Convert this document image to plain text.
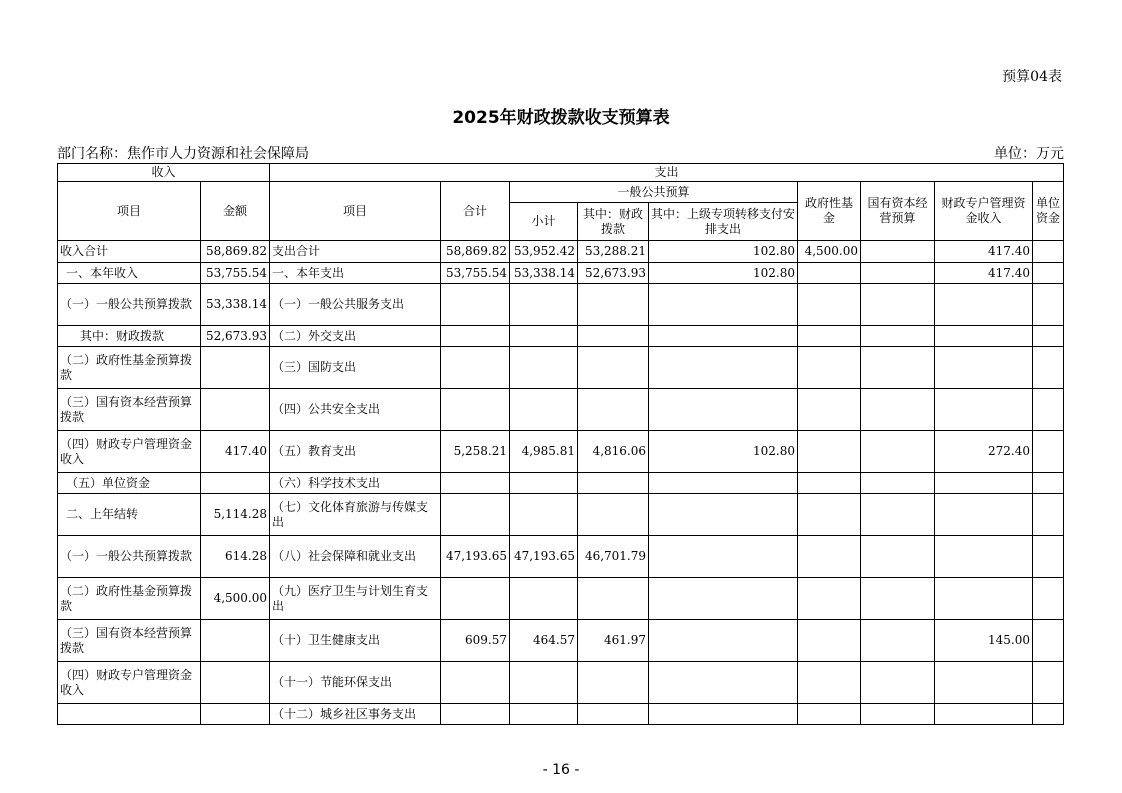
预算04表
2025年财政拨款收支预算表
部门名称：焦作市人力资源和社会保障局	单位：万元
收入		支出								
项目	金额	项目	合计	一般公共预算			政府性基金	国有资本经营预算	财政专户管理资金收入	单位资金
				小计	其中：财政拨款	其中：上级专项转移支付安排支出				
收入合计	58,869.82	支出合计	58,869.82	53,952.42	53,288.21	102.80	4,500.00		417.40	
一、本年收入	53,755.54	一、本年支出	53,755.54	53,338.14	52,673.93	102.80			417.40	
（一）一般公共预算拨款	53,338.14	（一）一般公共服务支出								
其中：财政拨款	52,673.93	（二）外交支出								
（二）政府性基金预算拨款		（三）国防支出								
（三）国有资本经营预算拨款		（四）公共安全支出								
（四）财政专户管理资金收入	417.40	（五）教育支出	5,258.21	4,985.81	4,816.06	102.80			272.40	
（五）单位资金		（六）科学技术支出								
二、上年结转	5,114.28	（七）文化体育旅游与传媒支出								
（一）一般公共预算拨款	614.28	（八）社会保障和就业支出	47,193.65	47,193.65	46,701.79					
（二）政府性基金预算拨款	4,500.00	（九）医疗卫生与计划生育支出								
（三）国有资本经营预算拨款		（十）卫生健康支出	609.57	464.57	461.97				145.00	
（四）财政专户管理资金收入		（十一）节能环保支出								
		（十二）城乡社区事务支出								
- 16 -
